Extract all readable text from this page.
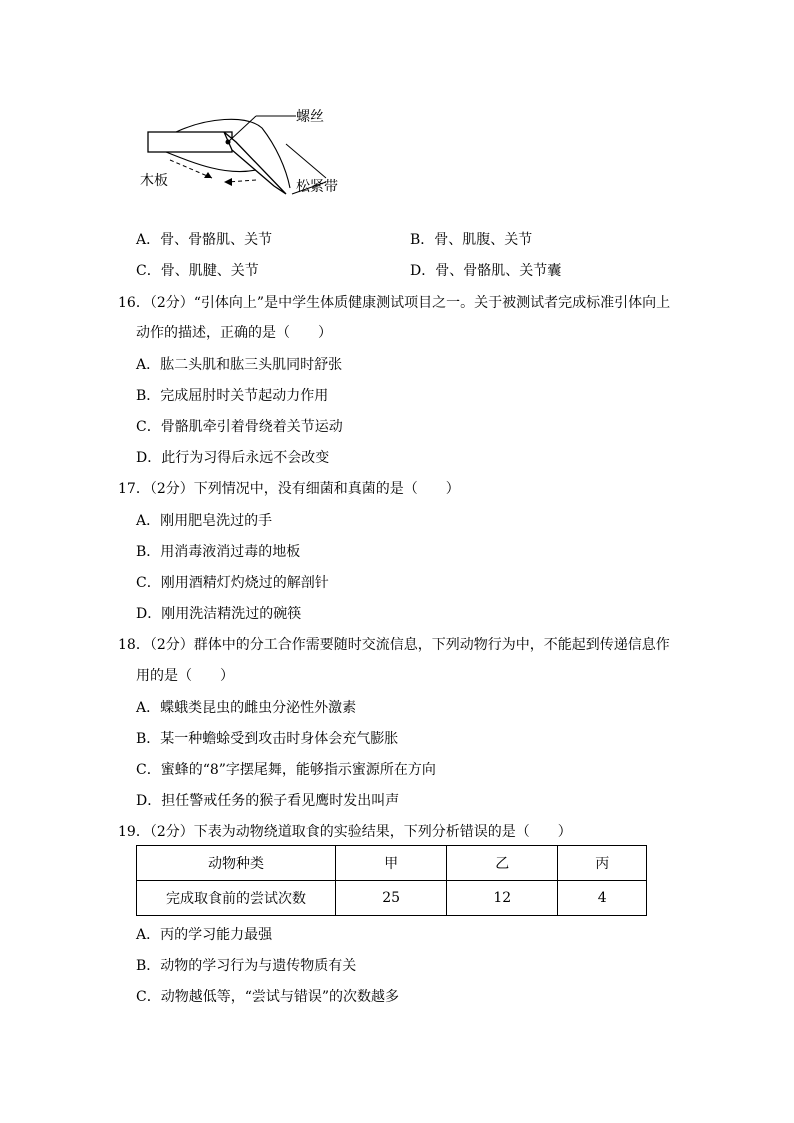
螺丝
木板	松紧带
A．骨、骨骼肌、关节	B．骨、肌腹、关节
C．骨、肌腱、关节	D．骨、骨骼肌、关节囊
16．（2分）“引体向上”是中学生体质健康测试项目之一。关于被测试者完成标准引体向上
动作的描述，正确的是（　　）
A．肱二头肌和肱三头肌同时舒张
B．完成屈肘时关节起动力作用
C．骨骼肌牵引着骨绕着关节运动
D．此行为习得后永远不会改变
17．（2分）下列情况中，没有细菌和真菌的是（　　）
A．刚用肥皂洗过的手
B．用消毒液消过毒的地板
C．刚用酒精灯灼烧过的解剖针
D．刚用洗洁精洗过的碗筷
18．（2分）群体中的分工合作需要随时交流信息，下列动物行为中，不能起到传递信息作
用的是（　　）
A．蝶蛾类昆虫的雌虫分泌性外激素
B．某一种蟾蜍受到攻击时身体会充气膨胀
C．蜜蜂的“8”字摆尾舞，能够指示蜜源所在方向
D．担任警戒任务的猴子看见鹰时发出叫声
19．（2分）下表为动物绕道取食的实验结果，下列分析错误的是（　　）
动物种类	甲	乙	丙
完成取食前的尝试次数	25	12	4
A．丙的学习能力最强
B．动物的学习行为与遗传物质有关
C．动物越低等，“尝试与错误”的次数越多
